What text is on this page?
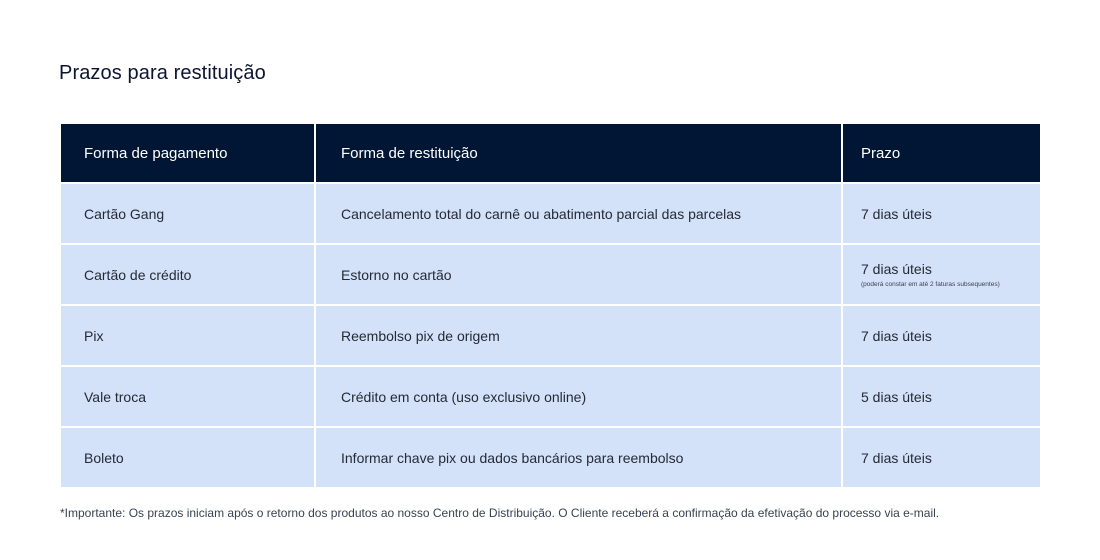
Prazos para restituição
Forma de pagamento	Forma de restituição	Prazo
Cartão Gang	Cancelamento total do carnê ou abatimento parcial das parcelas	7 dias úteis

Cartão de crédito	Estorno no cartão	7 dias úteis
(poderá constar em até 2 faturas subsequentes)

Pix	Reembolso pix de origem	7 dias úteis

Vale troca	Crédito em conta (uso exclusivo online)	5 dias úteis

Boleto	Informar chave pix ou dados bancários para reembolso	7 dias úteis
*Importante: Os prazos iniciam após o retorno dos produtos ao nosso Centro de Distribuição. O Cliente receberá a confirmação da efetivação do processo via e-mail.
